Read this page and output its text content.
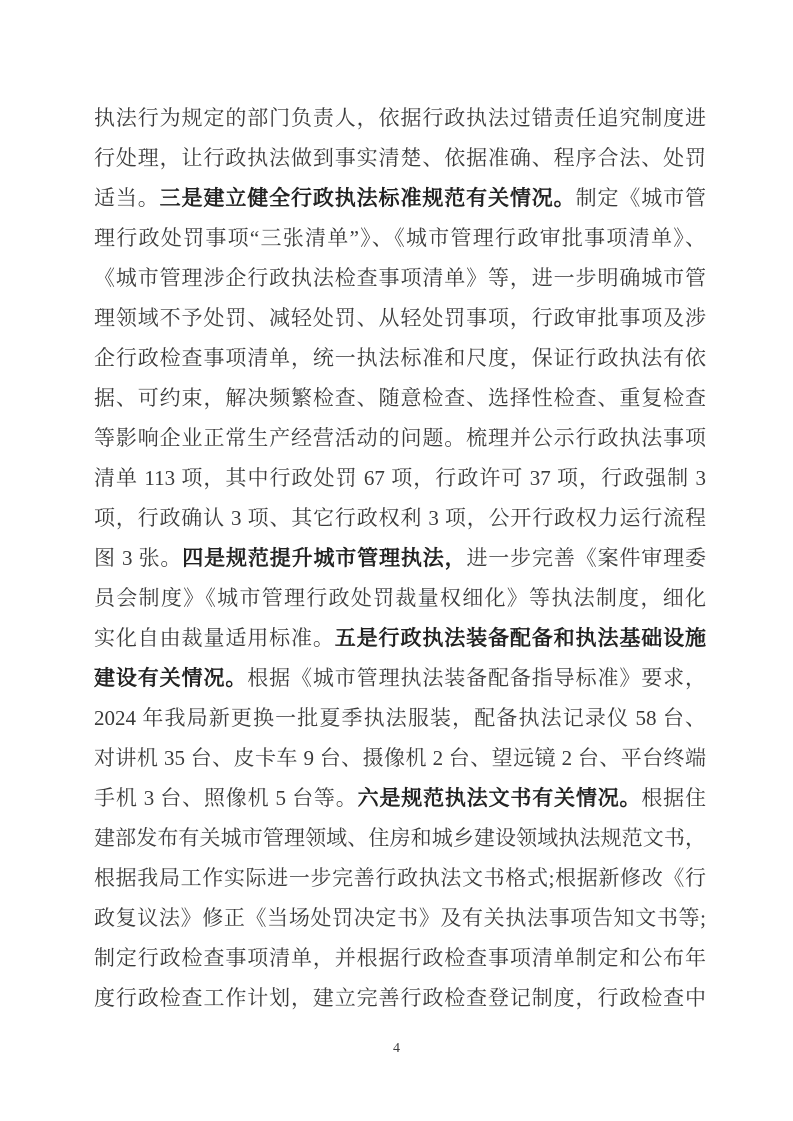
执法行为规定的部门负责人，依据行政执法过错责任追究制度进
行处理，让行政执法做到事实清楚、依据准确、程序合法、处罚
适当。三是建立健全行政执法标准规范有关情况。制定《城市管
理行政处罚事项“三张清单”》、《城市管理行政审批事项清单》、
《城市管理涉企行政执法检查事项清单》等，进一步明确城市管
理领域不予处罚、减轻处罚、从轻处罚事项，行政审批事项及涉
企行政检查事项清单，统一执法标准和尺度，保证行政执法有依
据、可约束，解决频繁检查、随意检查、选择性检查、重复检查
等影响企业正常生产经营活动的问题。梳理并公示行政执法事项
清单 113 项，其中行政处罚 67 项，行政许可 37 项，行政强制 3
项，行政确认 3 项、其它行政权利 3 项，公开行政权力运行流程
图 3 张。四是规范提升城市管理执法，进一步完善《案件审理委
员会制度》《城市管理行政处罚裁量权细化》等执法制度，细化
实化自由裁量适用标准。五是行政执法装备配备和执法基础设施
建设有关情况。根据《城市管理执法装备配备指导标准》要求，
2024 年我局新更换一批夏季执法服装，配备执法记录仪 58 台、
对讲机 35 台、皮卡车 9 台、摄像机 2 台、望远镜 2 台、平台终端
手机 3 台、照像机 5 台等。六是规范执法文书有关情况。根据住
建部发布有关城市管理领域、住房和城乡建设领域执法规范文书，
根据我局工作实际进一步完善行政执法文书格式;根据新修改《行
政复议法》修正《当场处罚决定书》及有关执法事项告知文书等;
制定行政检查事项清单，并根据行政检查事项清单制定和公布年
度行政检查工作计划，建立完善行政检查登记制度，行政检查中
4
